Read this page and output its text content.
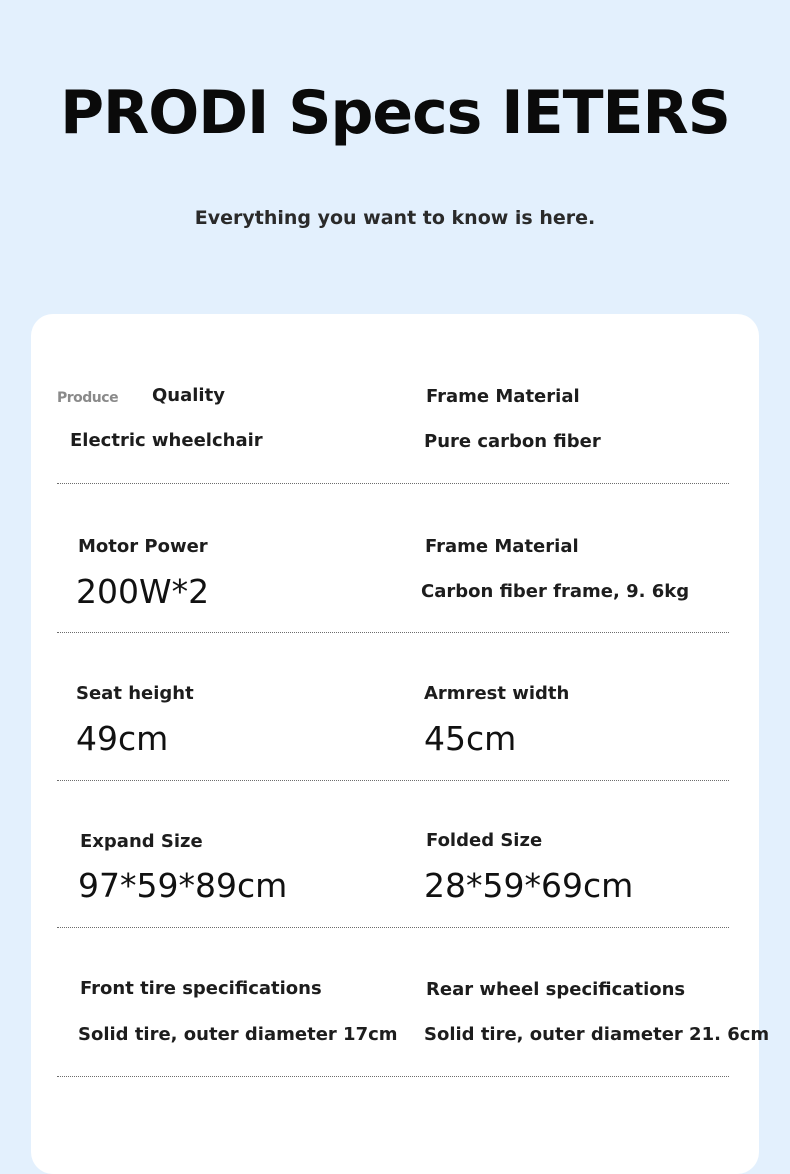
PRODI Specs IETERS

Everything you want to know is here.

Produce Quality
Electric wheelchair
Frame Material
Pure carbon fiber
Motor Power
200W*2
Frame Material
Carbon fiber frame, 9. 6kg
Seat height
49cm
Armrest width
45cm
Expand Size
97*59*89cm
Folded Size
28*59*69cm
Front tire specifications
Solid tire, outer diameter 17cm
Rear wheel specifications
Solid tire, outer diameter 21. 6cm
